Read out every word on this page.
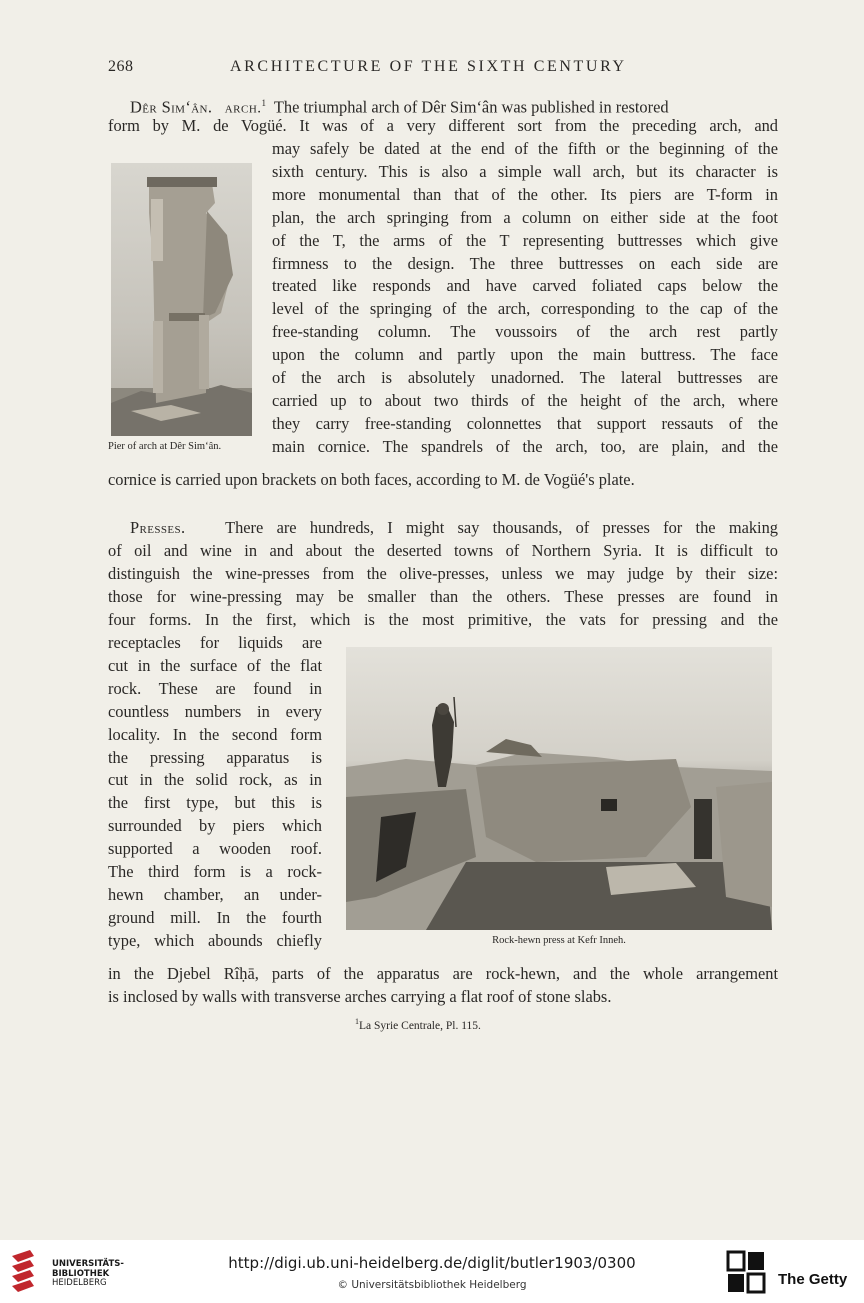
268	ARCHITECTURE OF THE SIXTH CENTURY
Dêr Sim‘ân. arch.$^1$ The triumphal arch of Dêr Sim‘ân was published in restored
form by M. de Vogüé. It was of a very different sort from the preceding arch, and
Pier of arch at Dêr Sim‘ân.
may safely be dated at the end of the fifth or the beginning of the
sixth century. This is also a simple wall arch, but its character is
more monumental than that of the other. Its piers are T-form in
plan, the arch springing from a column on either side at the foot
of the T, the arms of the T representing buttresses which give
firmness to the design. The three buttresses on each side are
treated like responds and have carved foliated caps below the
level of the springing of the arch, corresponding to the cap of the
free-standing column. The voussoirs of the arch rest partly
upon the column and partly upon the main buttress. The face
of the arch is absolutely unadorned. The lateral buttresses are
carried up to about two thirds of the height of the arch, where
they carry free-standing colonnettes that support ressauts of the
main cornice. The spandrels of the arch, too, are plain, and the
cornice is carried upon brackets on both faces, according to M. de Vogüé's plate.
Presses. There are hundreds, I might say thousands, of presses for the making
of oil and wine in and about the deserted towns of Northern Syria. It is difficult to
distinguish the wine-presses from the olive-presses, unless we may judge by their size:
those for wine-pressing may be smaller than the others. These presses are found in
four forms. In the first, which is the most primitive, the vats for pressing and the
receptacles for liquids are
cut in the surface of the flat
rock. These are found in
countless numbers in every
locality. In the second form
the pressing apparatus is
cut in the solid rock, as in
the first type, but this is
surrounded by piers which
supported a wooden roof.
The third form is a rock-
hewn chamber, an under-
ground mill. In the fourth
type, which abounds chiefly	Rock-hewn press at Kefr Inneh.
in the Djebel Rîḥā, parts of the apparatus are rock-hewn, and the whole arrangement
is inclosed by walls with transverse arches carrying a flat roof of stone slabs.
$^1$La Syrie Centrale, Pl. 115.
UNIVERSITÄTS-
BIBLIOTHEK
HEIDELBERG
http://digi.ub.uni-heidelberg.de/diglit/butler1903/0300
© Universitätsbibliothek Heidelberg	The Getty
